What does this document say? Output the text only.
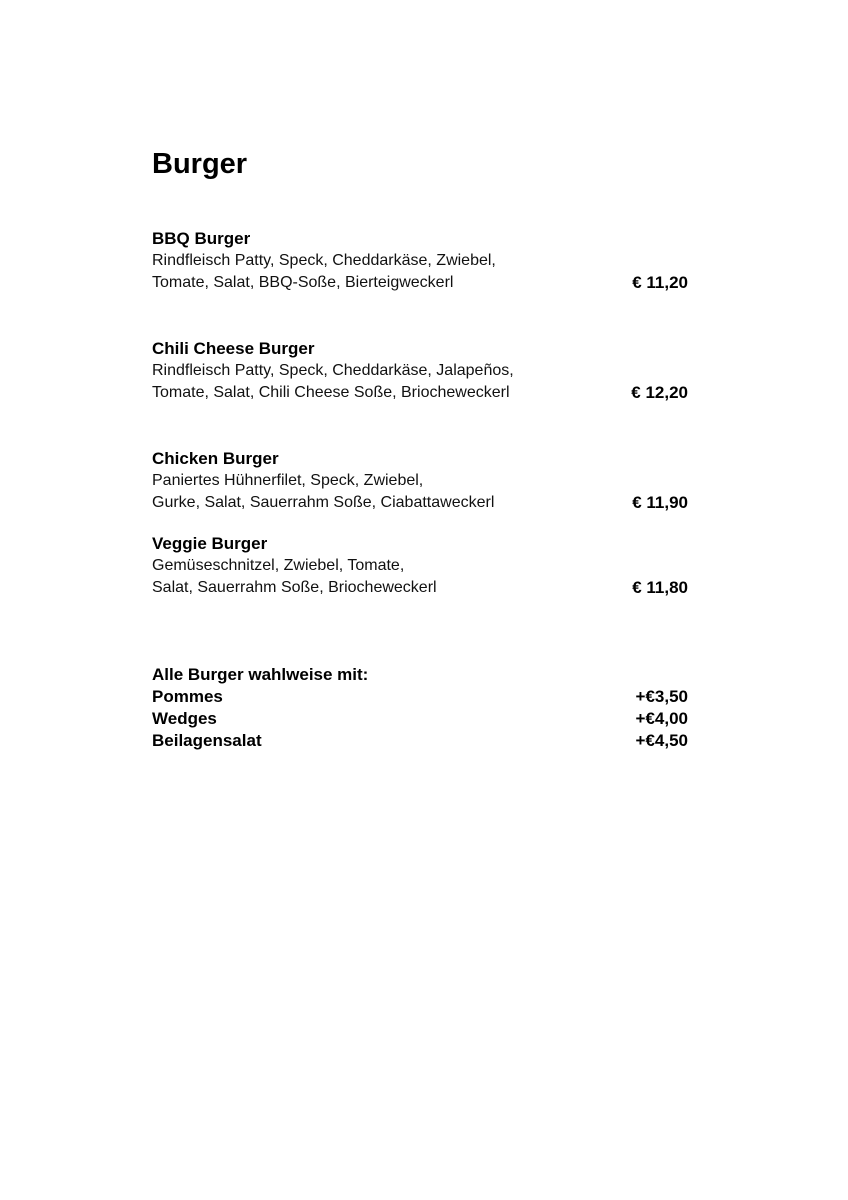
Burger
BBQ Burger
Rindfleisch Patty, Speck, Cheddarkäse, Zwiebel,
Tomate, Salat, BBQ-Soße, Bierteigweckerl	€ 11,20
Chili Cheese Burger
Rindfleisch Patty, Speck, Cheddarkäse, Jalapeños,
Tomate, Salat, Chili Cheese Soße, Briocheweckerl	€ 12,20
Chicken Burger
Paniertes Hühnerfilet, Speck, Zwiebel,
Gurke, Salat, Sauerrahm Soße, Ciabattaweckerl	€ 11,90
Veggie Burger
Gemüseschnitzel, Zwiebel, Tomate,
Salat, Sauerrahm Soße, Briocheweckerl	€ 11,80
Alle Burger wahlweise mit:
Pommes	+€3,50
Wedges	+€4,00
Beilagensalat	+€4,50
